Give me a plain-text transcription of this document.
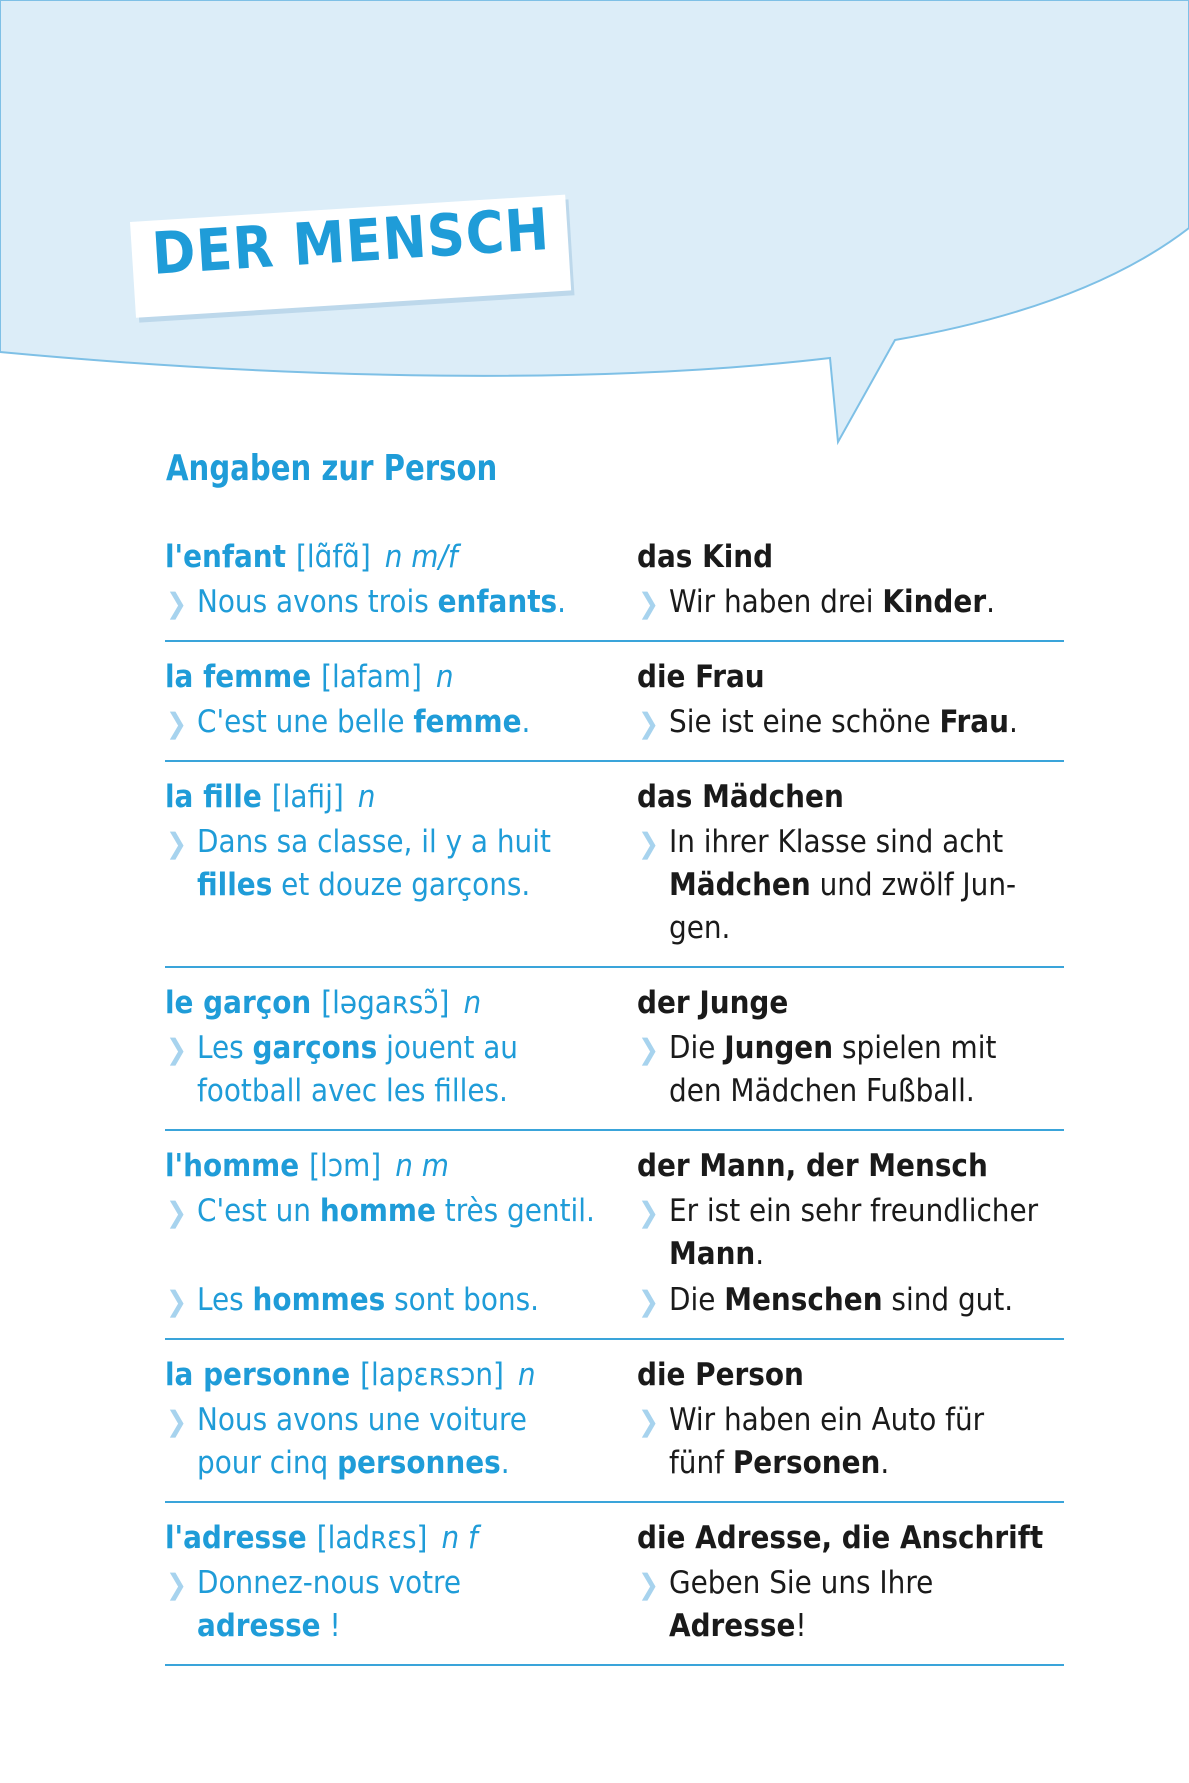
DER MENSCH
Angaben zur Person
l'enfant [lɑ̃fɑ̃] n m/f
❯ Nous avons trois enfants.
das Kind
❯ Wir haben drei Kinder.
la femme [lafam] n
❯ C'est une belle femme.
die Frau
❯ Sie ist eine schöne Frau.
la fille [lafij] n
❯ Dans sa classe, il y a huit
filles et douze garçons.
das Mädchen
❯ In ihrer Klasse sind acht
Mädchen und zwölf Jun-
gen.
le garçon [ləgaʀsɔ̃] n
❯ Les garçons jouent au
football avec les filles.
der Junge
❯ Die Jungen spielen mit
den Mädchen Fußball.
l'homme [lɔm] n m
❯ C'est un homme très gentil.
❯ Les hommes sont bons.
der Mann, der Mensch
❯ Er ist ein sehr freundlicher
Mann.
❯ Die Menschen sind gut.
la personne [lapɛʀsɔn] n
❯ Nous avons une voiture
pour cinq personnes.
die Person
❯ Wir haben ein Auto für
fünf Personen.
l'adresse [ladʀɛs] n f
❯ Donnez-nous votre
adresse !
die Adresse, die Anschrift
❯ Geben Sie uns Ihre
Adresse!
